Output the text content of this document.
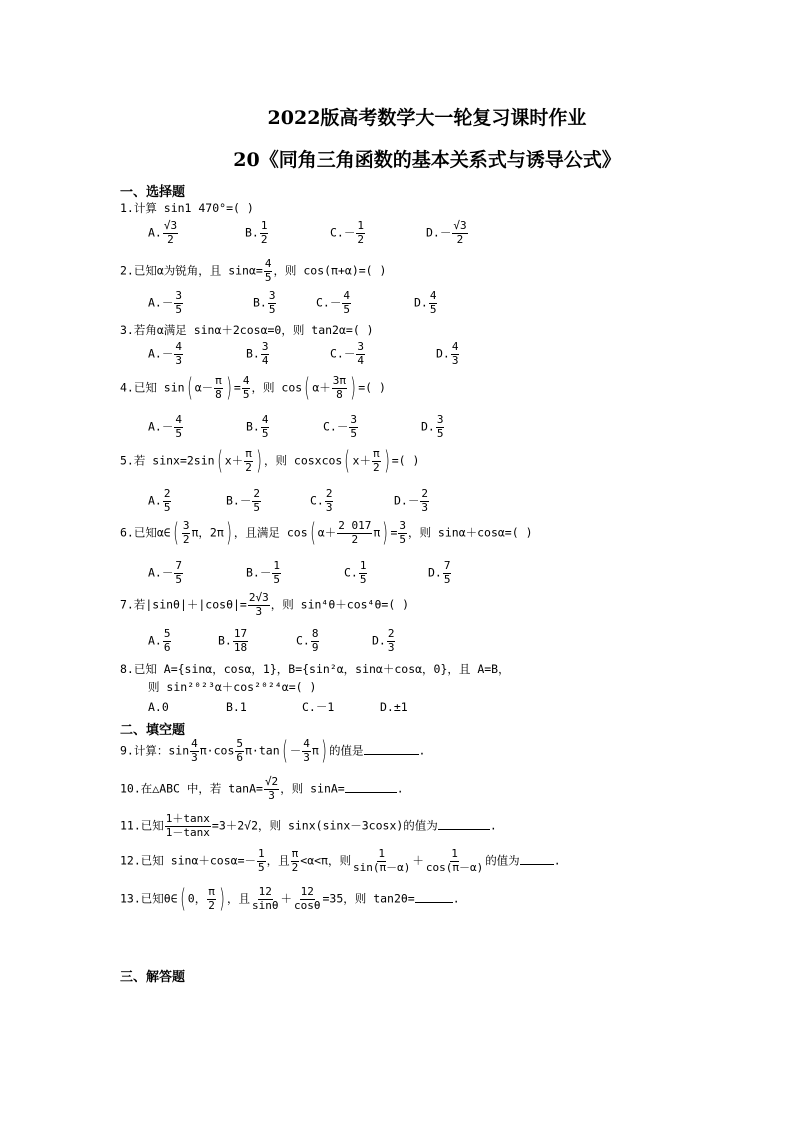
2022版高考数学大一轮复习课时作业
20《同角三角函数的基本关系式与诱导公式》
一、选择题
1.计算 sin1 470°=( )
A. $\frac{√3}{2}$	B. $\frac{1}{2}$	$C.- \frac{1}{2}$	$D.- \frac{√3}{2}$
2.已知α为锐角，且 $\sin\alpha= \frac{4}{5}$ ，则 cos(π+α)=( )
$A.- \frac{3}{5}$	B. $\frac{3}{5}$	$C.- \frac{4}{5}$	D. $\frac{4}{5}$
3.若角α满足 sinα＋2cosα=0，则 tan2α=( )
$A.- \frac{4}{3}$	B. $\frac{3}{4}$	$C.- \frac{3}{4}$	D. $\frac{4}{3}$
4.已知 sin( $\alpha- \frac{\pi}{8}$ ) = $\frac{4}{5}$ ，则 cos( $\alpha+ \frac{3\pi}{8}$ ) =( )
$A.- \frac{4}{5}$	B. $\frac{4}{5}$	$C.- \frac{3}{5}$	D. $\frac{3}{5}$
5.若 sinx=2sin( $x+ \frac{\pi}{2}$ ) ，则 cosxcos( $x+ \frac{\pi}{2}$ ) =( )
A. $\frac{2}{5}$	$B.- \frac{2}{5}$	C. $\frac{2}{3}$	$D.- \frac{2}{3}$
6.已知α∈( $\frac{3}{2}$ π，2π) ，且满足 cos( $\alpha+ \frac{2 017}{2} \pi) = \frac{3}{5}$ ，则 sinα＋cosα=( )
$A.- \frac{7}{5}$	$B.- \frac{1}{5}$	C. $\frac{1}{5}$	D. $\frac{7}{5}$
7.若$|\sin\theta|+|\cos\theta|= \frac{2√3}{3}$ ，则 sin⁴θ＋cos⁴θ=( )
A. $\frac{5}{6}$	B. $\frac{17}{18}$	C. $\frac{8}{9}$	D. $\frac{2}{3}$
8.已知 A={sinα，cosα，1}，B={sin²α，sinα＋cosα，0}，且 A=B，
则 sin²⁰²³α＋cos²⁰²⁴α=( )
A.0	B.1	C.－1	D.±1
二、填空题
9.计算：$\sin \frac{4}{3} \pi\cdot\cos \frac{5}{6} \pi\cdot\tan( - \frac{4}{3} \pi)$ 的值是	.
10.在△ABC 中，若 $\tan A= \frac{√2}{3}$ ，则 sinA=	.
11.已知 $\frac{1+\tan x}{1-\tan x} =3+2√2$，则 sinx(sinx－3cosx)的值为	.
12.已知 $\sin\alpha+\cos\alpha=- \frac{1}{5}$ ，且 $\frac{\pi}{2} <\alpha<\pi$，则 $\frac{1}{\sin(\pi-\alpha)} + \frac{1}{\cos(\pi-\alpha)}$ 的值为	.
13.已知θ∈( 0， $\frac{\pi}{2}$ ) ，且 $\frac{12}{\sin\theta} + \frac{12}{\cos\theta} =35$，则 tan2θ=	.
三、解答题
